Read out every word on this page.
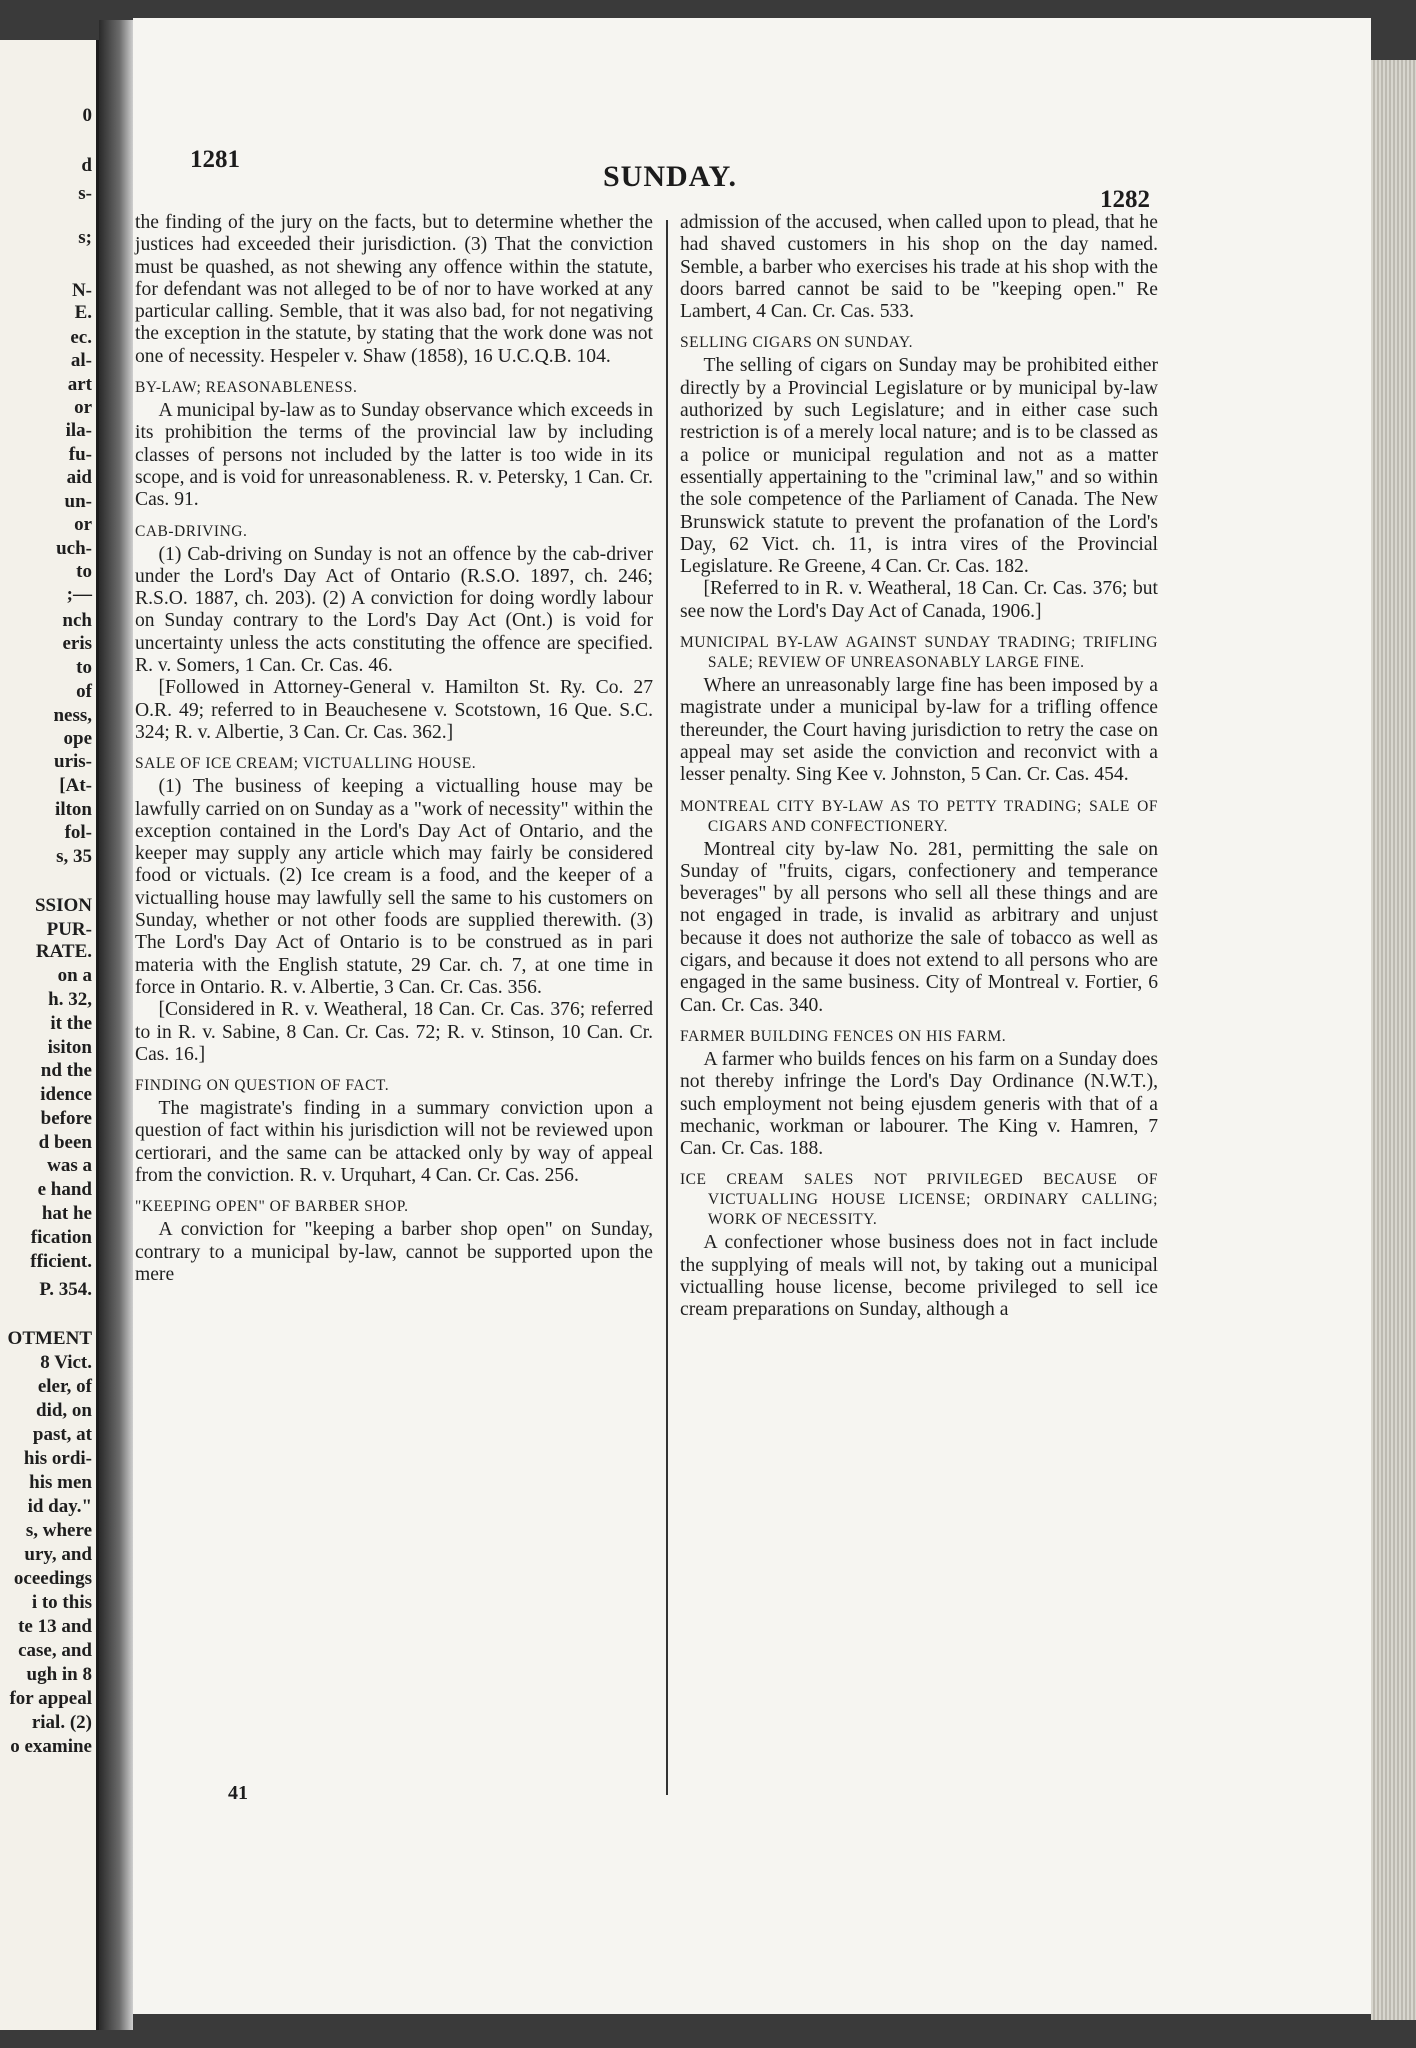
0
d
s-
s;
N-
E.
ec.
al-
art
or
ila-
fu-
aid
un-
or
uch-
to
;—
nch
eris
to
of
ness,
ope
uris-
[At-
ilton
fol-
s, 35
SSION
PUR-
RATE.
on a
h. 32,
it the
isiton
nd the
idence
before
d been
was a
e hand
hat he
fication
fficient.
P. 354.
OTMENT
8 Vict.
eler, of
did, on
past, at
his ordi-
his men
id day."
s, where
ury, and
oceedings
i to this
te 13 and
case, and
ugh in 8
for appeal
rial. (2)
o examine
1281
SUNDAY.
1282

the finding of the jury on the facts, but to determine whether the justices had exceeded their jurisdiction. (3) That the conviction must be quashed, as not shewing any offence within the statute, for defendant was not alleged to be of nor to have worked at any particular calling. Semble, that it was also bad, for not negativing the exception in the statute, by stating that the work done was not one of necessity. Hespeler v. Shaw (1858), 16 U.C.Q.B. 104.

BY-LAW; REASONABLENESS.

A municipal by-law as to Sunday observance which exceeds in its prohibition the terms of the provincial law by including classes of persons not included by the latter is too wide in its scope, and is void for unreasonableness. R. v. Petersky, 1 Can. Cr. Cas. 91.

CAB-DRIVING.

(1) Cab-driving on Sunday is not an offence by the cab-driver under the Lord's Day Act of Ontario (R.S.O. 1897, ch. 246; R.S.O. 1887, ch. 203). (2) A conviction for doing wordly labour on Sunday contrary to the Lord's Day Act (Ont.) is void for uncertainty unless the acts constituting the offence are specified. R. v. Somers, 1 Can. Cr. Cas. 46.

[Followed in Attorney-General v. Hamilton St. Ry. Co. 27 O.R. 49; referred to in Beauchesene v. Scotstown, 16 Que. S.C. 324; R. v. Albertie, 3 Can. Cr. Cas. 362.]

SALE OF ICE CREAM; VICTUALLING HOUSE.

(1) The business of keeping a victualling house may be lawfully carried on on Sunday as a "work of necessity" within the exception contained in the Lord's Day Act of Ontario, and the keeper may supply any article which may fairly be considered food or victuals. (2) Ice cream is a food, and the keeper of a victualling house may lawfully sell the same to his customers on Sunday, whether or not other foods are supplied therewith. (3) The Lord's Day Act of Ontario is to be construed as in pari materia with the English statute, 29 Car. ch. 7, at one time in force in Ontario. R. v. Albertie, 3 Can. Cr. Cas. 356.

[Considered in R. v. Weatheral, 18 Can. Cr. Cas. 376; referred to in R. v. Sabine, 8 Can. Cr. Cas. 72; R. v. Stinson, 10 Can. Cr. Cas. 16.]

FINDING ON QUESTION OF FACT.

The magistrate's finding in a summary conviction upon a question of fact within his jurisdiction will not be reviewed upon certiorari, and the same can be attacked only by way of appeal from the conviction. R. v. Urquhart, 4 Can. Cr. Cas. 256.

"KEEPING OPEN" OF BARBER SHOP.

A conviction for "keeping a barber shop open" on Sunday, contrary to a municipal by-law, cannot be supported upon the mere

admission of the accused, when called upon to plead, that he had shaved customers in his shop on the day named. Semble, a barber who exercises his trade at his shop with the doors barred cannot be said to be "keeping open." Re Lambert, 4 Can. Cr. Cas. 533.

SELLING CIGARS ON SUNDAY.

The selling of cigars on Sunday may be prohibited either directly by a Provincial Legislature or by municipal by-law authorized by such Legislature; and in either case such restriction is of a merely local nature; and is to be classed as a police or municipal regulation and not as a matter essentially appertaining to the "criminal law," and so within the sole competence of the Parliament of Canada. The New Brunswick statute to prevent the profanation of the Lord's Day, 62 Vict. ch. 11, is intra vires of the Provincial Legislature. Re Greene, 4 Can. Cr. Cas. 182.

[Referred to in R. v. Weatheral, 18 Can. Cr. Cas. 376; but see now the Lord's Day Act of Canada, 1906.]

MUNICIPAL BY-LAW AGAINST SUNDAY TRADING; TRIFLING SALE; REVIEW OF UNREASONABLY LARGE FINE.

Where an unreasonably large fine has been imposed by a magistrate under a municipal by-law for a trifling offence thereunder, the Court having jurisdiction to retry the case on appeal may set aside the conviction and reconvict with a lesser penalty. Sing Kee v. Johnston, 5 Can. Cr. Cas. 454.

MONTREAL CITY BY-LAW AS TO PETTY TRADING; SALE OF CIGARS AND CONFECTIONERY.

Montreal city by-law No. 281, permitting the sale on Sunday of "fruits, cigars, confectionery and temperance beverages" by all persons who sell all these things and are not engaged in trade, is invalid as arbitrary and unjust because it does not authorize the sale of tobacco as well as cigars, and because it does not extend to all persons who are engaged in the same business. City of Montreal v. Fortier, 6 Can. Cr. Cas. 340.

FARMER BUILDING FENCES ON HIS FARM.

A farmer who builds fences on his farm on a Sunday does not thereby infringe the Lord's Day Ordinance (N.W.T.), such employment not being ejusdem generis with that of a mechanic, workman or labourer. The King v. Hamren, 7 Can. Cr. Cas. 188.

ICE CREAM SALES NOT PRIVILEGED BECAUSE OF VICTUALLING HOUSE LICENSE; ORDINARY CALLING; WORK OF NECESSITY.

A confectioner whose business does not in fact include the supplying of meals will not, by taking out a municipal victualling house license, become privileged to sell ice cream preparations on Sunday, although a

41
